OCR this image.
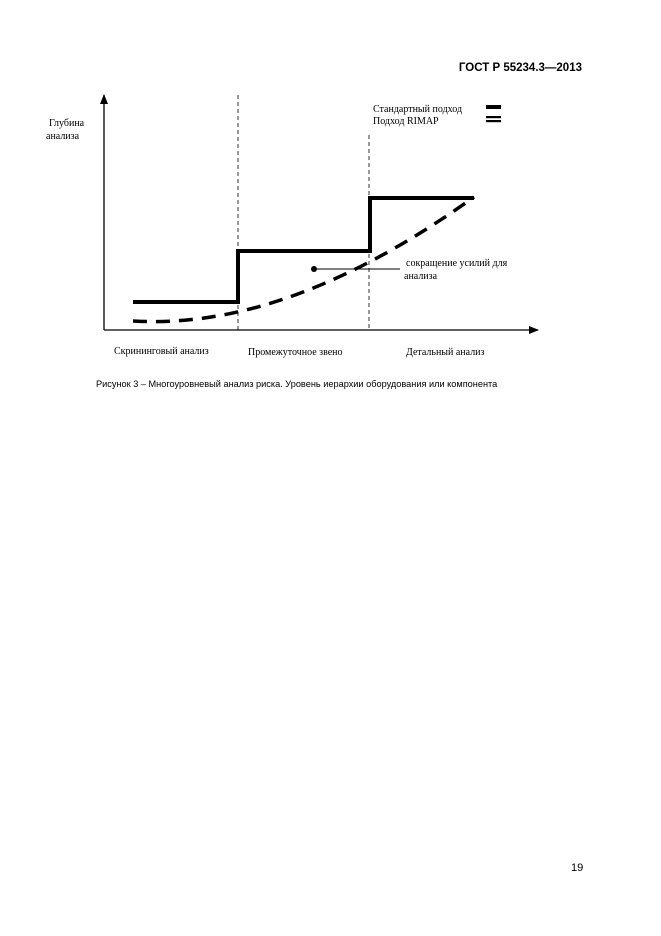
ГОСТ Р 55234.3—2013
Глубина
анализа
Стандартный подход
Подход RIMAP
сокращение усилий для
анализа
Скрининговый анализ	Промежуточное звено	Детальный анализ
Рисунок 3 – Многоуровневый анализ риска. Уровень иерархии оборудования или компонента
19
